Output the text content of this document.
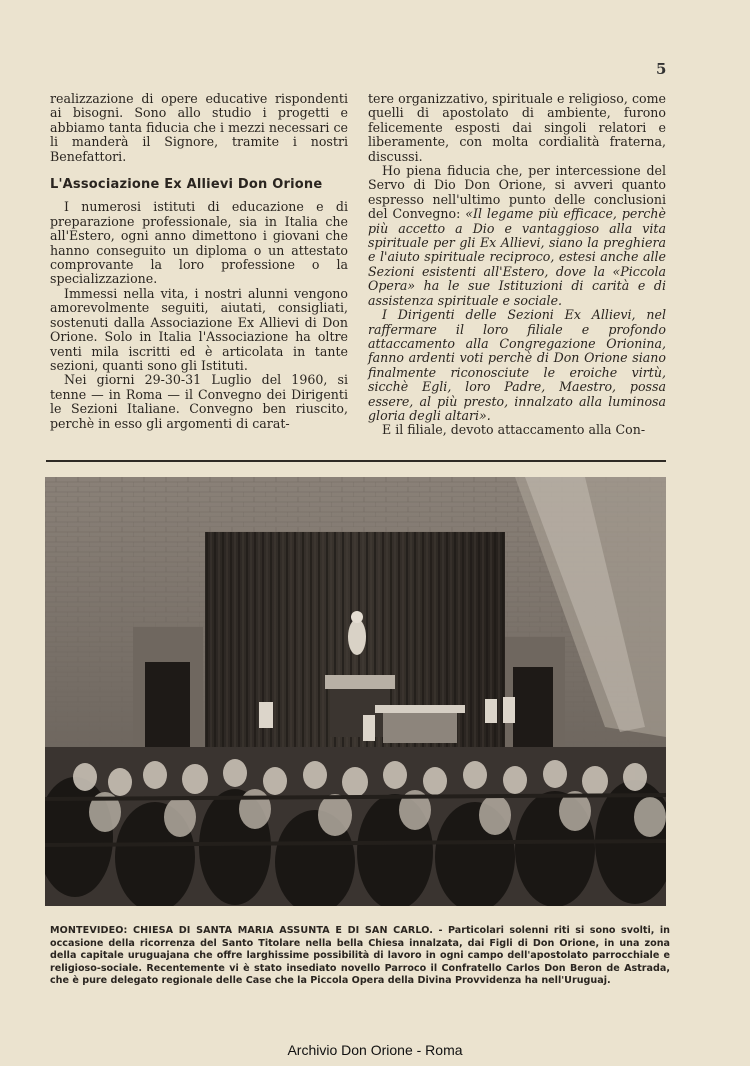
5

realizzazione di opere educative rispondenti ai bisogni. Sono allo studio i progetti e abbiamo tanta fiducia che i mezzi necessari ce li manderà il Signore, tramite i nostri Benefattori.

L'Associazione Ex Allievi Don Orione

I numerosi istituti di educazione e di preparazione professionale, sia in Italia che all'Estero, ogni anno dimettono i giovani che hanno conseguito un diploma o un attestato comprovante la loro professione o la specializzazione.

Immessi nella vita, i nostri alunni vengono amorevolmente seguiti, aiutati, consigliati, sostenuti dalla Associazione Ex Allievi di Don Orione. Solo in Italia l'Associazione ha oltre venti mila iscritti ed è articolata in tante sezioni, quanti sono gli Istituti.

Nei giorni 29-30-31 Luglio del 1960, si tenne — in Roma — il Convegno dei Dirigenti le Sezioni Italiane. Convegno ben riuscito, perchè in esso gli argomenti di carat-

tere organizzativo, spirituale e religioso, come quelli di apostolato di ambiente, furono felicemente esposti dai singoli relatori e liberamente, con molta cordialità fraterna, discussi.

Ho piena fiducia che, per intercessione del Servo di Dio Don Orione, si avveri quanto espresso nell'ultimo punto delle conclusioni del Convegno: «Il legame più efficace, perchè più accetto a Dio e vantaggioso alla vita spirituale per gli Ex Allievi, siano la preghiera e l'aiuto spirituale reciproco, estesi anche alle Sezioni esistenti all'Estero, dove la «Piccola Opera» ha le sue Istituzioni di carità e di assistenza spirituale e sociale.

I Dirigenti delle Sezioni Ex Allievi, nel raffermare il loro filiale e profondo attaccamento alla Congregazione Orionina, fanno ardenti voti perchè di Don Orione siano finalmente riconosciute le eroiche virtù, sicchè Egli, loro Padre, Maestro, possa essere, al più presto, innalzato alla luminosa gloria degli altari».

E il filiale, devoto attaccamento alla Con-

MONTEVIDEO: CHIESA DI SANTA MARIA ASSUNTA E DI SAN CARLO. - Particolari solenni riti si sono svolti, in occasione della ricorrenza del Santo Titolare nella bella Chiesa innalzata, dai Figli di Don Orione, in una zona della capitale uruguajana che offre larghissime possibilità di lavoro in ogni campo dell'apostolato parrocchiale e religioso-sociale. Recentemente vi è stato insediato novello Parroco il Confratello Carlos Don Beron de Astrada, che è pure delegato regionale delle Case che la Piccola Opera della Divina Provvidenza ha nell'Uruguaj.
Archivio Don Orione - Roma
